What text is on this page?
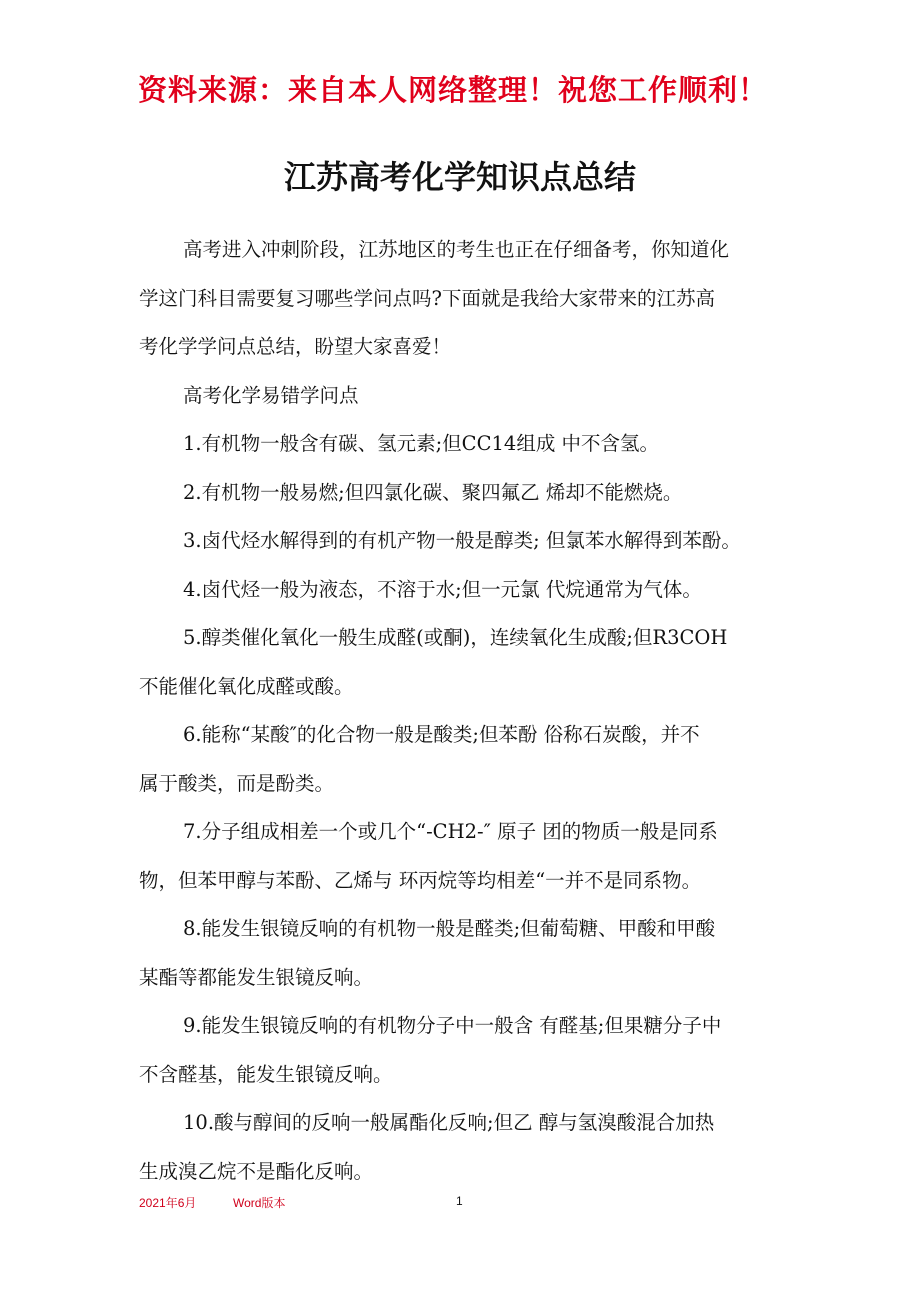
资料来源：来自本人网络整理！祝您工作顺利！
江苏高考化学知识点总结
高考进入冲刺阶段，江苏地区的考生也正在仔细备考，你知道化
学这门科目需要复习哪些学问点吗?下面就是我给大家带来的江苏高
考化学学问点总结，盼望大家喜爱！
高考化学易错学问点
1.有机物一般含有碳、氢元素;但CC14组成 中不含氢。
2.有机物一般易燃;但四氯化碳、聚四氟乙 烯却不能燃烧。
3.卤代烃水解得到的有机产物一般是醇类; 但氯苯水解得到苯酚。
4.卤代烃一般为液态，不溶于水;但一元氯 代烷通常为气体。
5.醇类催化氧化一般生成醛(或酮)，连续氧化生成酸;但R3COH
不能催化氧化成醛或酸。
6.能称“某酸″的化合物一般是酸类;但苯酚 俗称石炭酸，并不
属于酸类，而是酚类。
7.分子组成相差一个或几个“-CH2-″ 原子 团的物质一般是同系
物，但苯甲醇与苯酚、乙烯与 环丙烷等均相差“一并不是同系物。
8.能发生银镜反响的有机物一般是醛类;但葡萄糖、甲酸和甲酸
某酯等都能发生银镜反响。
9.能发生银镜反响的有机物分子中一般含 有醛基;但果糖分子中
不含醛基，能发生银镜反响。
10.酸与醇间的反响一般属酯化反响;但乙 醇与氢溴酸混合加热
生成溴乙烷不是酯化反响。
2021年6月	Word版本	1
